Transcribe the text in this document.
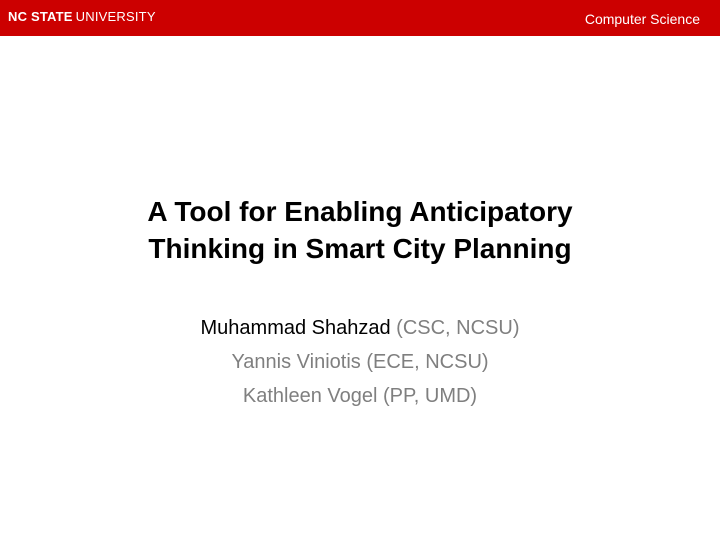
NC STATE UNIVERSITY	Computer Science
A Tool for Enabling Anticipatory
Thinking in Smart City Planning
Muhammad Shahzad (CSC, NCSU)
Yannis Viniotis (ECE, NCSU)
Kathleen Vogel (PP, UMD)
